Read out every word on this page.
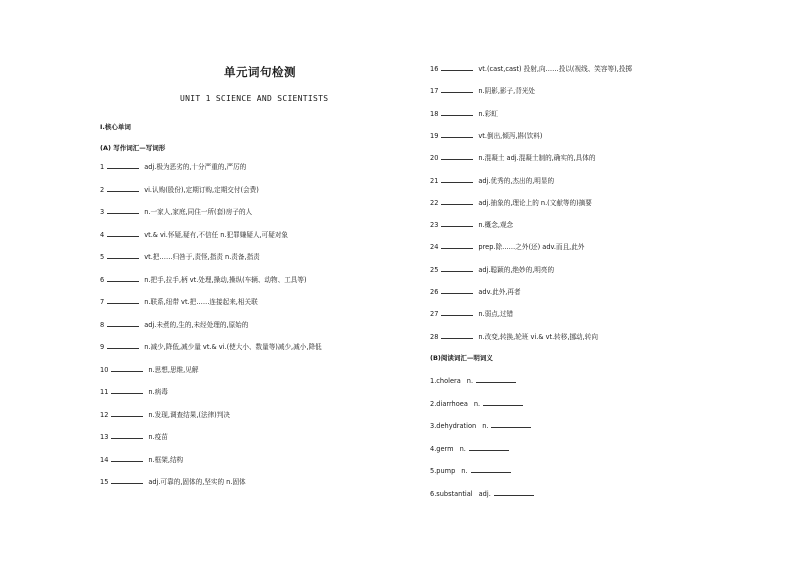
单元词句检测
UNIT 1 SCIENCE AND SCIENTISTS
Ⅰ.核心单词
(A) 写作词汇—写词形
1	adj.极为恶劣的,十分严重的,严厉的
2	vi.认购(股份),定期订购,定期交付(会费)
3	n.一家人,家庭,同住一所(套)房子的人
4	vt.& vi.怀疑,疑有,不信任 n.犯罪嫌疑人,可疑对象
5	vt.把……归咎于,责怪,指责 n.责备,指责
6	n.把手,拉手,柄 vt.处理,操动,操纵(车辆、动物、工具等)
7	n.联系,纽带 vt.把……连接起来,相关联
8	adj.未煮的,生的,未经处理的,原始的
9	n.减少,降低,减少量 vt.& vi.(使大小、数量等)减少,减小,降低
10	n.思想,思维,见解
11	n.病毒
12	n.发现,调查结果,(法律)判决
13	n.疫苗
14	n.框架,结构
15	adj.可靠的,固体的,坚实的 n.固体
16	vt.(cast,cast) 投射,向……投以(视线、笑容等),投掷
17	n.阴影,影子,背光处
18	n.彩虹
19	vt.倒出,倾泻,斟(饮料)
20	n.混凝土 adj.混凝土制的,确实的,具体的
21	adj.优秀的,杰出的,明显的
22	adj.抽象的,理论上的 n.(文献等的)摘要
23	n.概念,观念
24	prep.除……之外(还) adv.而且,此外
25	adj.聪颖的,绝妙的,明亮的
26	adv.此外,再者
27	n.弱点,过错
28	n.改变,转换,轮班 vi.& vt.转移,挪动,转向
(B)阅读词汇—明词义
1.cholera n.
2.diarrhoea n.
3.dehydration n.
4.germ n.
5.pump n.
6.substantial adj.
